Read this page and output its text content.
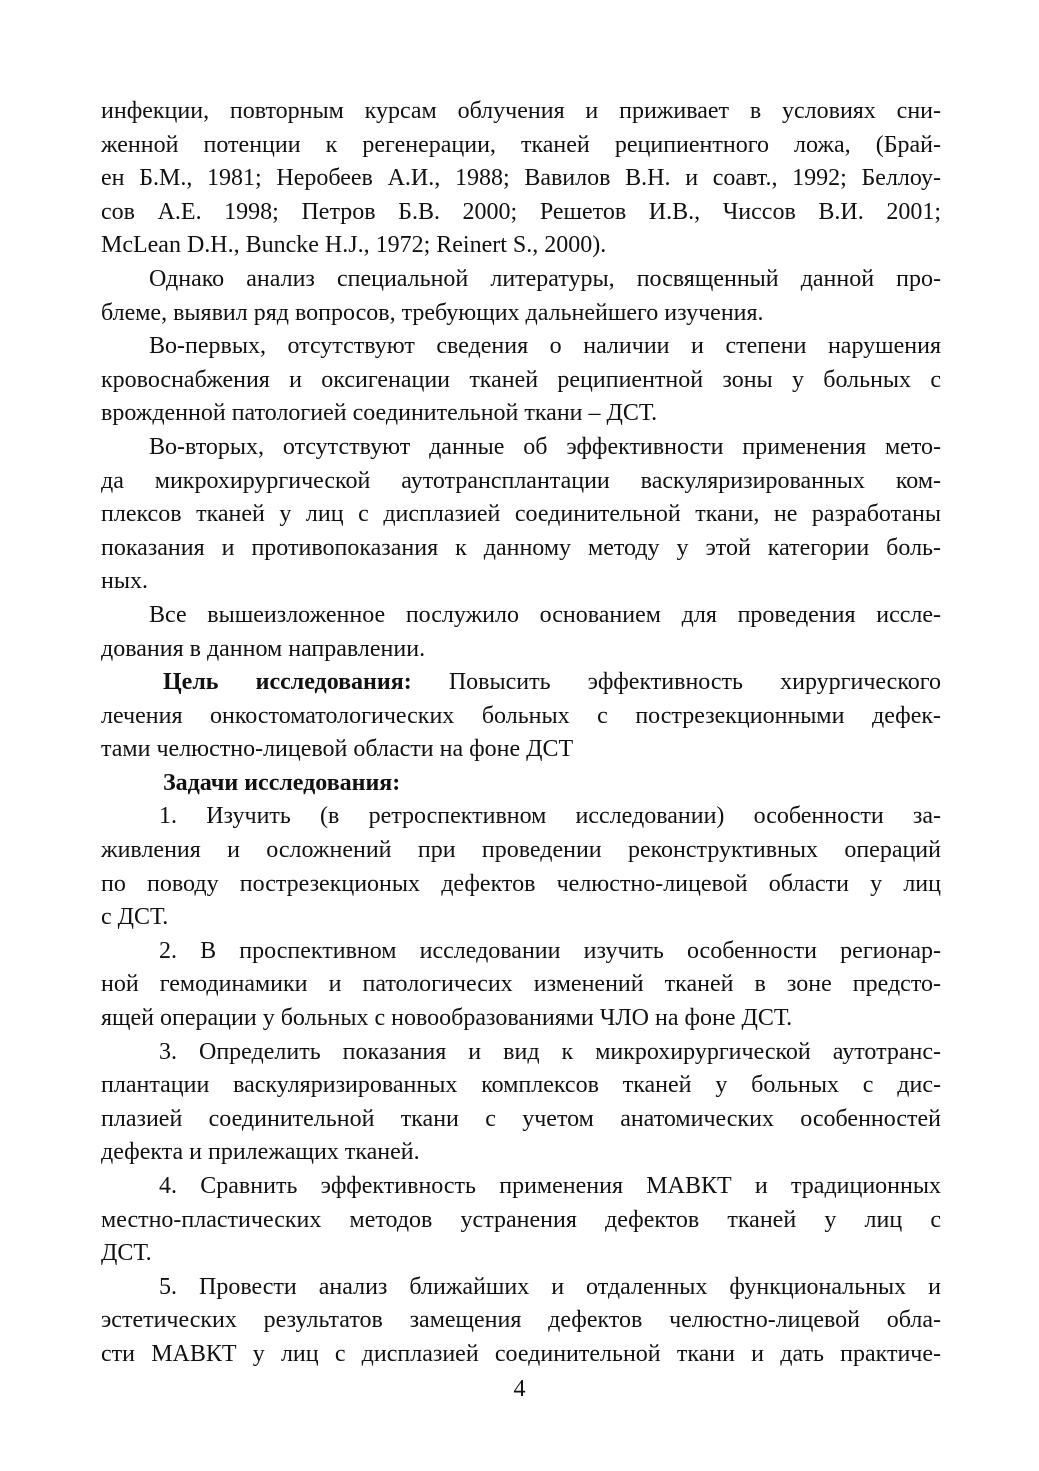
инфекции, повторным курсам облучения и приживает в условиях сни-
женной потенции к регенерации, тканей реципиентного ложа, (Брай-
ен Б.М., 1981; Неробеев А.И., 1988; Вавилов В.Н. и соавт., 1992; Беллоу-
сов А.Е. 1998; Петров Б.В. 2000; Решетов И.В., Чиссов В.И. 2001;
McLean D.H., Buncke H.J., 1972; Reinert S., 2000).
Однако анализ специальной литературы, посвященный данной про-
блеме, выявил ряд вопросов, требующих дальнейшего изучения.
Во-первых, отсутствуют сведения о наличии и степени нарушения
кровоснабжения и оксигенации тканей реципиентной зоны у больных с
врожденной патологией соединительной ткани – ДСТ.
Во-вторых, отсутствуют данные об эффективности применения мето-
да микрохирургической аутотрансплантации васкуляризированных ком-
плексов тканей у лиц с дисплазией соединительной ткани, не разработаны
показания и противопоказания к данному методу у этой категории боль-
ных.
Все вышеизложенное послужило основанием для проведения иссле-
дования в данном направлении.
Цель исследования: Повысить эффективность хирургического
лечения онкостоматологических больных с пострезекционными дефек-
тами челюстно-лицевой области на фоне ДСТ
Задачи исследования:
1. Изучить (в ретроспективном исследовании) особенности за-
живления и осложнений при проведении реконструктивных операций
по поводу пострезекционых дефектов челюстно-лицевой области у лиц
с ДСТ.
2. В проспективном исследовании изучить особенности регионар-
ной гемодинамики и патологичесих изменений тканей в зоне предсто-
ящей операции у больных с новообразованиями ЧЛО на фоне ДСТ.
3. Определить показания и вид к микрохирургической аутотранс-
плантации васкуляризированных комплексов тканей у больных с дис-
плазией соединительной ткани с учетом анатомических особенностей
дефекта и прилежащих тканей.
4. Сравнить эффективность применения МАВКТ и традиционных
местно-пластических методов устранения дефектов тканей у лиц с
ДСТ.
5. Провести анализ ближайших и отдаленных функциональных и
эстетических результатов замещения дефектов челюстно-лицевой обла-
сти МАВКТ у лиц с дисплазией соединительной ткани и дать практиче-
4
